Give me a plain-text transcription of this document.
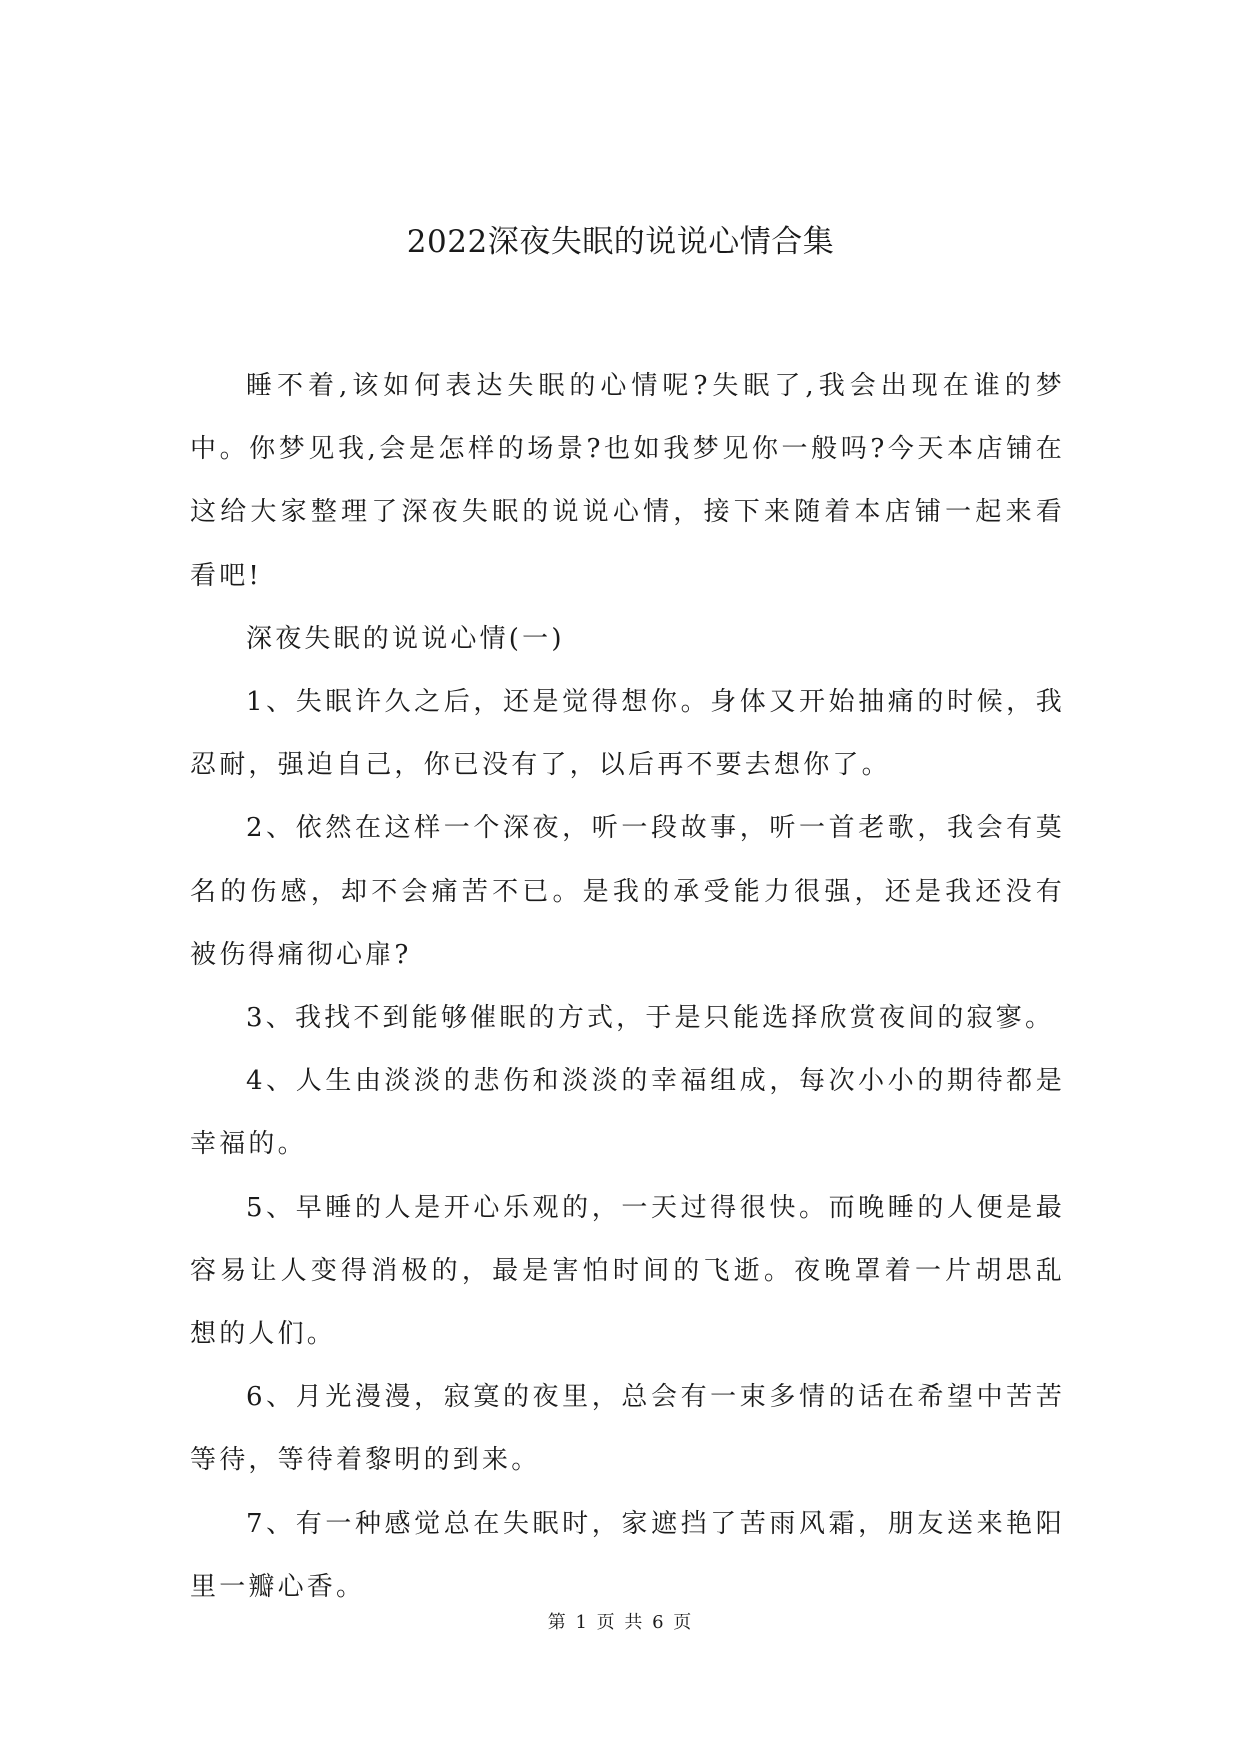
2022深夜失眠的说说心情合集

睡不着,该如何表达失眠的心情呢?失眠了,我会出现在谁的梦中。你梦见我,会是怎样的场景?也如我梦见你一般吗?今天本店铺在这给大家整理了深夜失眠的说说心情，接下来随着本店铺一起来看看吧!

深夜失眠的说说心情(一)

1、失眠许久之后，还是觉得想你。身体又开始抽痛的时候，我忍耐，强迫自己，你已没有了，以后再不要去想你了。

2、依然在这样一个深夜，听一段故事，听一首老歌，我会有莫名的伤感，却不会痛苦不已。是我的承受能力很强，还是我还没有被伤得痛彻心扉?

3、我找不到能够催眠的方式，于是只能选择欣赏夜间的寂寥。

4、人生由淡淡的悲伤和淡淡的幸福组成，每次小小的期待都是幸福的。

5、早睡的人是开心乐观的，一天过得很快。而晚睡的人便是最容易让人变得消极的，最是害怕时间的飞逝。夜晚罩着一片胡思乱想的人们。

6、月光漫漫，寂寞的夜里，总会有一束多情的话在希望中苦苦等待，等待着黎明的到来。

7、有一种感觉总在失眠时，家遮挡了苦雨风霜，朋友送来艳阳里一瓣心香。

第 1 页 共 6 页
